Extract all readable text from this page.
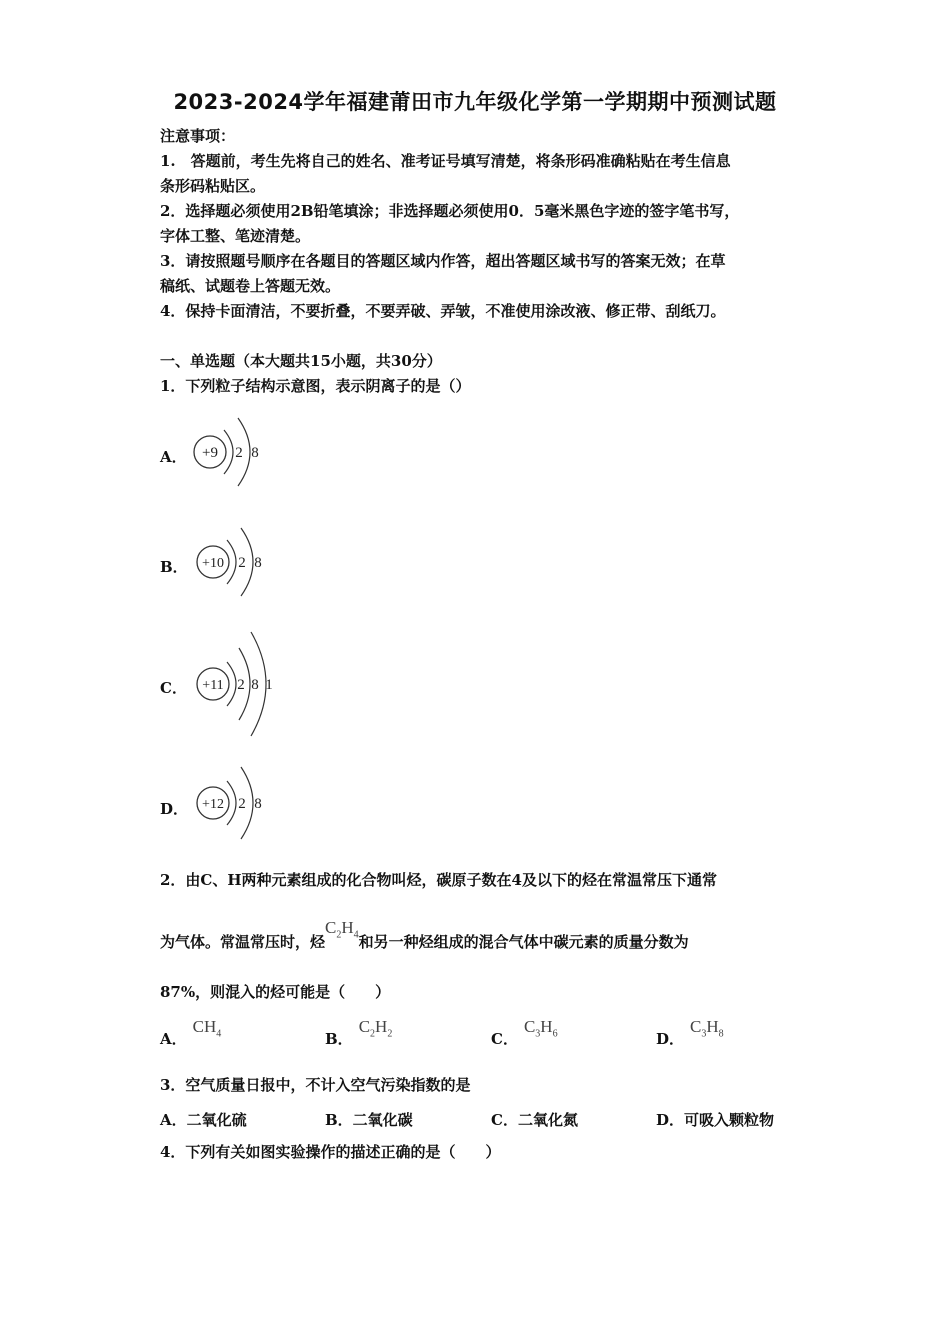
2023-2024学年福建莆田市九年级化学第一学期期中预测试题
注意事项：
1.　答题前，考生先将自己的姓名、准考证号填写清楚，将条形码准确粘贴在考生信息
条形码粘贴区。
2．选择题必须使用2B铅笔填涂；非选择题必须使用0．5毫米黑色字迹的签字笔书写，
字体工整、笔迹清楚。
3．请按照题号顺序在各题目的答题区域内作答，超出答题区域书写的答案无效；在草
稿纸、试题卷上答题无效。
4．保持卡面清洁，不要折叠，不要弄破、弄皱，不准使用涂改液、修正带、刮纸刀。
一、单选题（本大题共15小题，共30分）
1．下列粒子结构示意图，表示阴离子的是（）
A． +9 2 8
B． +10 2 8
C． +11 2 8 1
D． +12 2 8
2．由C、H两种元素组成的化合物叫烃，碳原子数在4及以下的烃在常温常压下通常
为气体。常温常压时，烃$C_2H_4$和另一种烃组成的混合气体中碳元素的质量分数为
87%，则混入的烃可能是（　　）
A．$CH_4$	B．$C_2H_2$	C．$C_3H_6$	D．$C_3H_8$
3．空气质量日报中，不计入空气污染指数的是
A．二氧化硫	B．二氧化碳	C．二氧化氮	D．可吸入颗粒物
4．下列有关如图实验操作的描述正确的是（　　）
